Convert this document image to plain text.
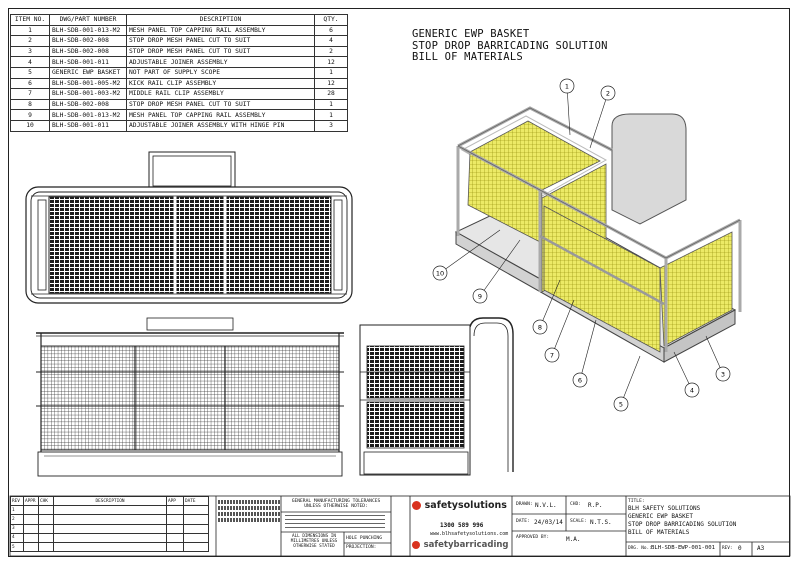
ITEM NO.	DWG/PART NUMBER	DESCRIPTION	QTY.
1	BLH-SDB-001-013-M2	MESH PANEL TOP CAPPING RAIL ASSEMBLY	6
2	BLH-SDB-002-008	STOP DROP MESH PANEL CUT TO SUIT	4
3	BLH-SDB-002-008	STOP DROP MESH PANEL CUT TO SUIT	2
4	BLH-SDB-001-011	ADJUSTABLE JOINER ASSEMBLY	12
5	GENERIC EWP BASKET	NOT PART OF SUPPLY SCOPE	1
6	BLH-SDB-001-005-M2	KICK RAIL CLIP ASSEMBLY	12
7	BLH-SDB-001-003-M2	MIDDLE RAIL CLIP ASSEMBLY	28
8	BLH-SDB-002-008	STOP DROP MESH PANEL CUT TO SUIT	1
9	BLH-SDB-001-013-M2	MESH PANEL TOP CAPPING RAIL ASSEMBLY	1
10	BLH-SDB-001-011	ADJUSTABLE JOINER ASSEMBLY WITH HINGE PIN	3
GENERIC EWP BASKET
STOP DROP BARRICADING SOLUTION
BILL OF MATERIALS
1
2
3
4
5
6
7
8
9
10
REV	APPR	CHK	DESCRIPTION	APP	DATE
1					
2					
3					
4					
5					
GENERAL MANUFACTURING TOLERANCES UNLESS OTHERWISE NOTED:
ALL DIMENSIONS IN MILLIMETRES UNLESS OTHERWISE STATED
HOLE PUNCHING
PROJECTION:
safetysolutions
1300 589 996
www.blhsafetysolutions.com
safetybarricading
DRAWN: N.V.L.	CHD: R.P.
DATE: 24/03/14 SCALE: N.T.S.
APPROVED BY:	M.A.
TITLE:
BLH SAFETY SOLUTIONS
GENERIC EWP BASKET
STOP DROP BARRICADING SOLUTION
BILL OF MATERIALS
DRG. No.: BLH-SDB-EWP-001-001 REV: 0	A3
